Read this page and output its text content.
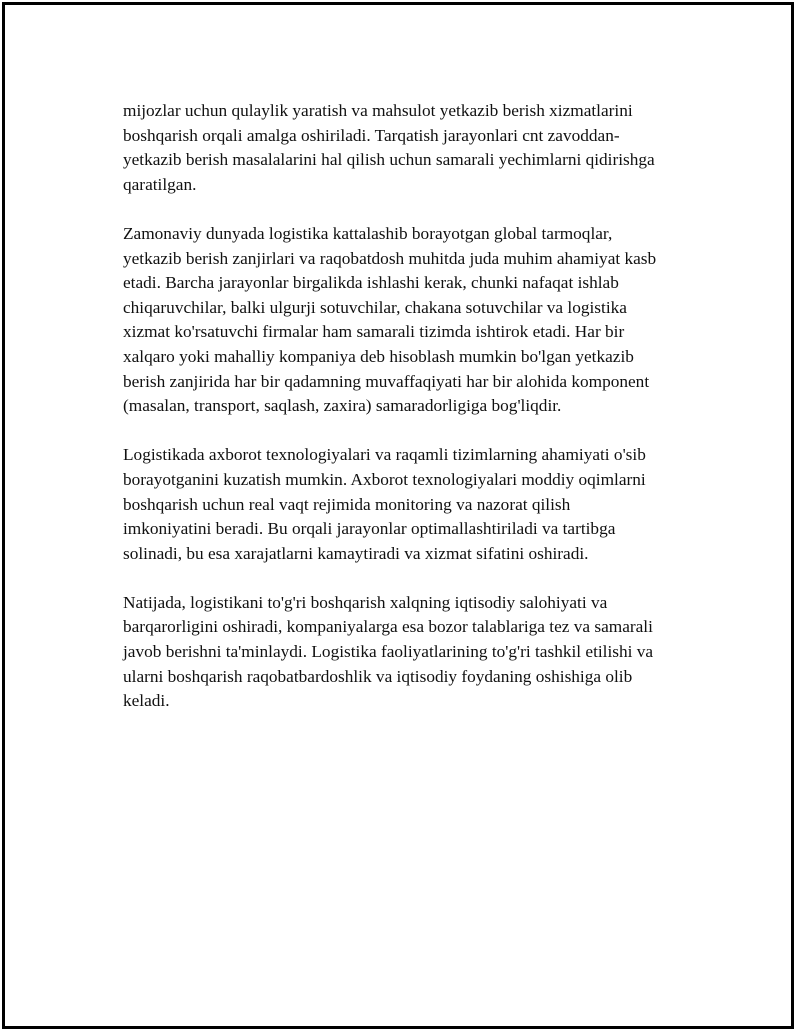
mijozlar uchun qulaylik yaratish va mahsulot yetkazib berish xizmatlarini
boshqarish orqali amalga oshiriladi. Tarqatish jarayonlari cnt zavoddan-
yetkazib berish masalalarini hal qilish uchun samarali yechimlarni qidirishga
qaratilgan.

Zamonaviy dunyada logistika kattalashib borayotgan global tarmoqlar,
yetkazib berish zanjirlari va raqobatdosh muhitda juda muhim ahamiyat kasb
etadi. Barcha jarayonlar birgalikda ishlashi kerak, chunki nafaqat ishlab
chiqaruvchilar, balki ulgurji sotuvchilar, chakana sotuvchilar va logistika
xizmat ko'rsatuvchi firmalar ham samarali tizimda ishtirok etadi. Har bir
xalqaro yoki mahalliy kompaniya deb hisoblash mumkin bo'lgan yetkazib
berish zanjirida har bir qadamning muvaffaqiyati har bir alohida komponent
(masalan, transport, saqlash, zaxira) samaradorligiga bog'liqdir.

Logistikada axborot texnologiyalari va raqamli tizimlarning ahamiyati o'sib
borayotganini kuzatish mumkin. Axborot texnologiyalari moddiy oqimlarni
boshqarish uchun real vaqt rejimida monitoring va nazorat qilish
imkoniyatini beradi. Bu orqali jarayonlar optimallashtiriladi va tartibga
solinadi, bu esa xarajatlarni kamaytiradi va xizmat sifatini oshiradi.

Natijada, logistikani to'g'ri boshqarish xalqning iqtisodiy salohiyati va
barqarorligini oshiradi, kompaniyalarga esa bozor talablariga tez va samarali
javob berishni ta'minlaydi. Logistika faoliyatlarining to'g'ri tashkil etilishi va
ularni boshqarish raqobatbardoshlik va iqtisodiy foydaning oshishiga olib
keladi.
